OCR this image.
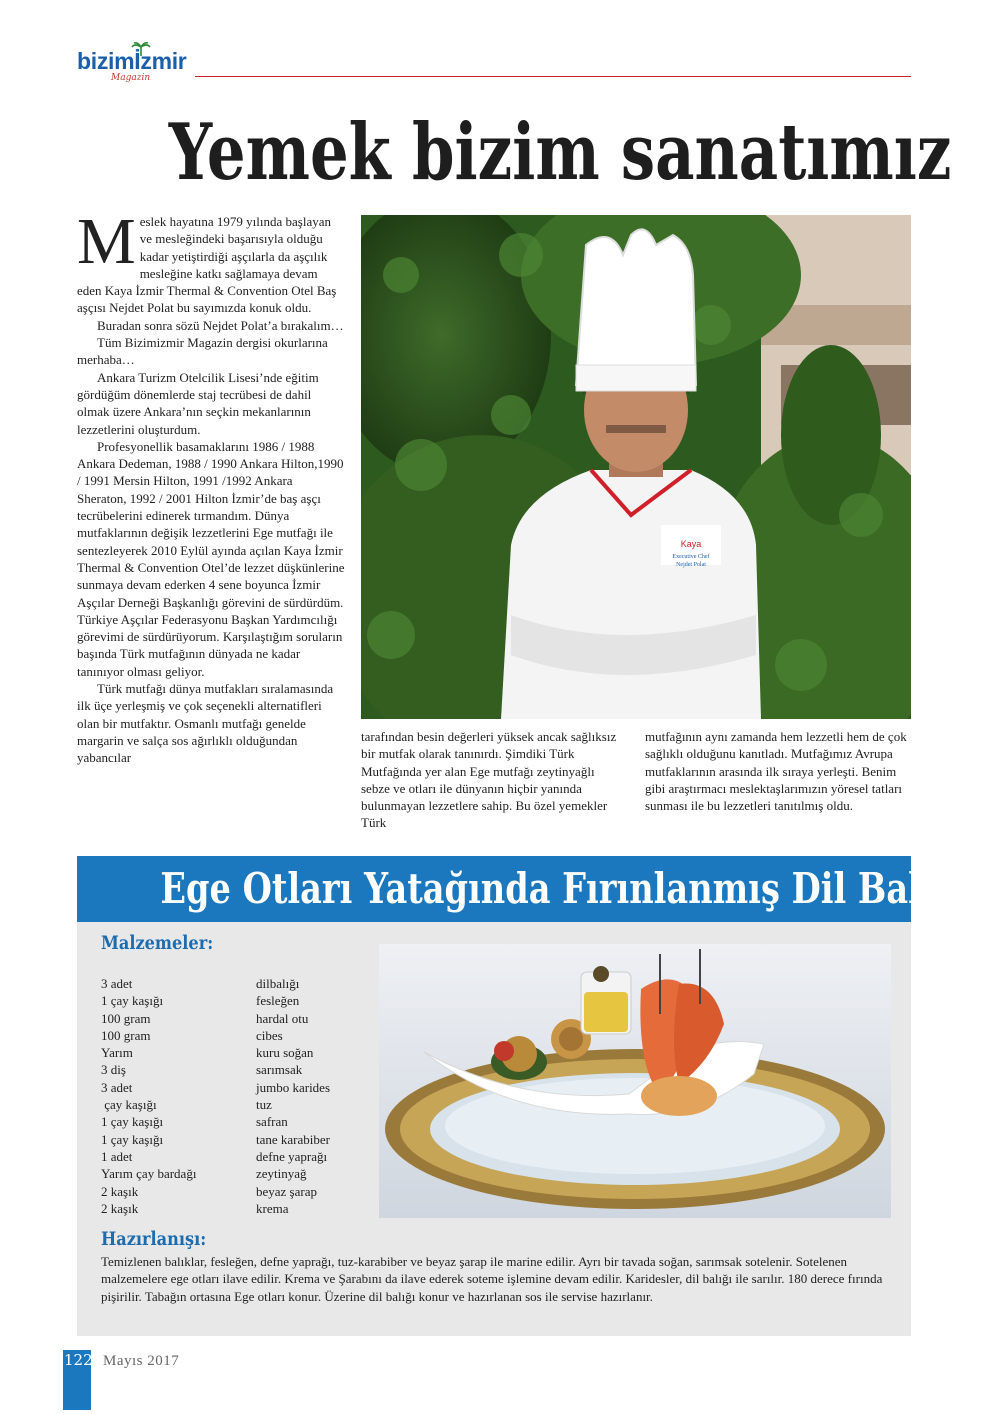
bizimİzmir
Magazin
Yemek bizim sanatımız

Meslek hayatına 1979 yılında başlayan ve mesleğindeki başarısıyla olduğu kadar yetiştirdiği aşçılarla da aşçılık mesleğine katkı sağlamaya devam eden Kaya İzmir Thermal & Convention Otel Baş aşçısı Nejdet Polat bu sayımızda konuk oldu.

Buradan sonra sözü Nejdet Polat’a bırakalım…

Tüm Bizimizmir Magazin dergisi okurlarına merhaba…

Ankara Turizm Otelcilik Lisesi’nde eğitim gördüğüm dönemlerde staj tecrübesi de dahil olmak üzere Ankara’nın seçkin mekanlarının lezzetlerini oluşturdum.

Profesyonellik basamaklarını 1986 / 1988 Ankara Dedeman, 1988 / 1990 Ankara Hilton,1990 / 1991 Mersin Hilton, 1991 /1992 Ankara Sheraton, 1992 / 2001 Hilton İzmir’de baş aşçı tecrübelerini edinerek tırmandım. Dünya mutfaklarının değişik lezzetlerini Ege mutfağı ile sentezleyerek 2010 Eylül ayında açılan Kaya İzmir Thermal & Convention Otel’de lezzet düşkünlerine sunmaya devam ederken 4 sene boyunca İzmir Aşçılar Derneği Başkanlığı görevini de sürdürdüm. Türkiye Aşçılar Federasyonu Başkan Yardımcılığı görevimi de sürdürüyorum. Karşılaştığım soruların başında Türk mutfağının dünyada ne kadar tanınıyor olması geliyor.

Türk mutfağı dünya mutfakları sıralamasında ilk üçe yerleşmiş ve çok seçenekli alternatifleri olan bir mutfaktır. Osmanlı mutfağı genelde margarin ve salça sos ağırlıklı olduğundan yabancılar

Kaya
Executive Chef
Nejdet Polat

tarafından besin değerleri yüksek ancak sağlıksız bir mutfak olarak tanınırdı. Şimdiki Türk Mutfağında yer alan Ege mutfağı zeytinyağlı sebze ve otları ile dünyanın hiçbir yanında bulunmayan lezzetlere sahip. Bu özel yemekler Türk

mutfağının aynı zamanda hem lezzetli hem de çok sağlıklı olduğunu kanıtladı. Mutfağımız Avrupa mutfaklarının arasında ilk sıraya yerleşti. Benim gibi araştırmacı meslektaşlarımızın yöresel tatları sunması ile bu lezzetleri tanıtılmış oldu.

Ege Otları Yatağında Fırınlanmış Dil Balığı
Malzemeler:
3 adet
1 çay kaşığı
100 gram
100 gram
Yarım
3 diş
3 adet
çay kaşığı
1 çay kaşığı
1 çay kaşığı
1 adet
Yarım çay bardağı
2 kaşık
2 kaşık
dilbalığı
fesleğen
hardal otu
cibes
kuru soğan
sarımsak
jumbo karides
tuz
safran
tane karabiber
defne yaprağı
zeytinyağ
beyaz şarap
krema
Hazırlanışı:
Temizlenen balıklar, fesleğen, defne yaprağı, tuz-karabiber ve beyaz şarap ile marine edilir. Ayrı bir tavada soğan, sarımsak sotelenir. Sotelenen malzemelere ege otları ilave edilir. Krema ve Şarabını da ilave ederek soteme işlemine devam edilir. Karidesler, dil balığı ile sarılır. 180 derece fırında pişirilir. Tabağın ortasına Ege otları konur. Üzerine dil balığı konur ve hazırlanan sos ile servise hazırlanır.
122 Mayıs 2017
